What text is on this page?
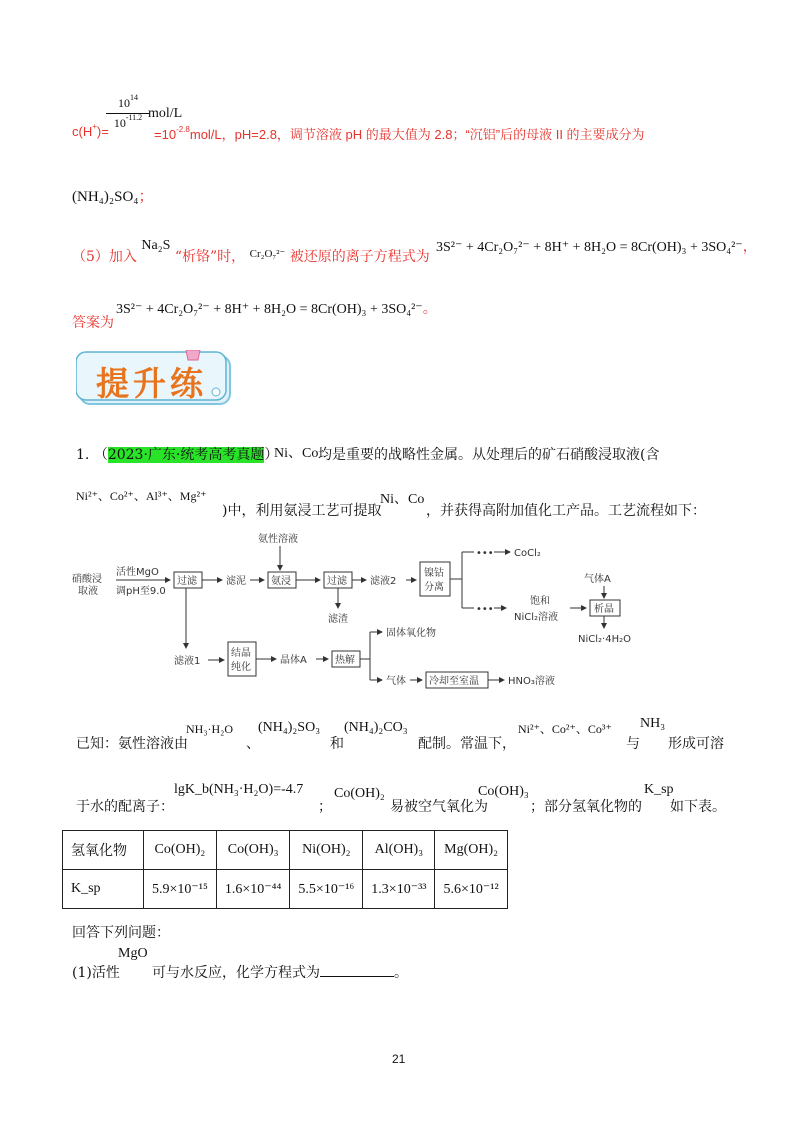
$10^{14}$
$10^{-11.2}$ mol/L
c(H+)=	$=10^{-2.8}mol/L$，pH=2.8，调节溶液 pH 的最大值为 2.8；“沉铝”后的母液 II 的主要成分为
(NH₄)₂SO₄；
（5）加入 Na₂S “析铬”时， $^{Cr_2O_7^{2-}}$ 被还原的离子方程式为
3S²⁻ + 4Cr₂O₇²⁻ + 8H⁺ + 8H₂O = 8Cr(OH)₃ + 3SO₄²⁻，
答案为
3S²⁻ + 4Cr₂O₇²⁻ + 8H⁺ + 8H₂O = 8Cr(OH)₃ + 3SO₄²⁻。
提升练
1. （2023·广东·统考高考真题）
Ni、Co 均是重要的战略性金属。从处理后的矿石硝酸浸取液(含
Ni²⁺、Co²⁺、Al³⁺、Mg²⁺
)中，利用氨浸工艺可提取
Ni、Co
，并获得高附加值化工产品。工艺流程如下：
硝酸浸
取液
活性MgO
调pH至9.0
过滤	滤泥
氨性溶液
氨浸	过滤
滤渣
滤液2
镍钴
分离
••• CoCl₂
•••
饱和
NiCl₂溶液
气体A
析晶
NiCl₂·4H₂O
滤液1
结晶
纯化
晶体A	热解
固体氧化物
气体 冷却至室温	HNO₃溶液
已知：氨性溶液由
NH₃·H₂O
、
(NH₄)₂SO₃
和
(NH₄)₂CO₃
配制。常温下，
Ni²⁺、Co²⁺、Co³⁺
与
NH₃
形成可溶
于水的配离子：
lgK_b(NH₃·H₂O)=-4.7
；
Co(OH)₂
易被空气氧化为
Co(OH)₃
；部分氢氧化物的
K_sp
如下表。
氢氧化物	Co(OH)₂	Co(OH)₃	Ni(OH)₂	Al(OH)₃	Mg(OH)₂
K_sp	5.9×10⁻¹⁵	1.6×10⁻⁴⁴	5.5×10⁻¹⁶	1.3×10⁻³³	5.6×10⁻¹²
回答下列问题：
(1)活性
MgO
可与水反应，化学方程式为	。
21
